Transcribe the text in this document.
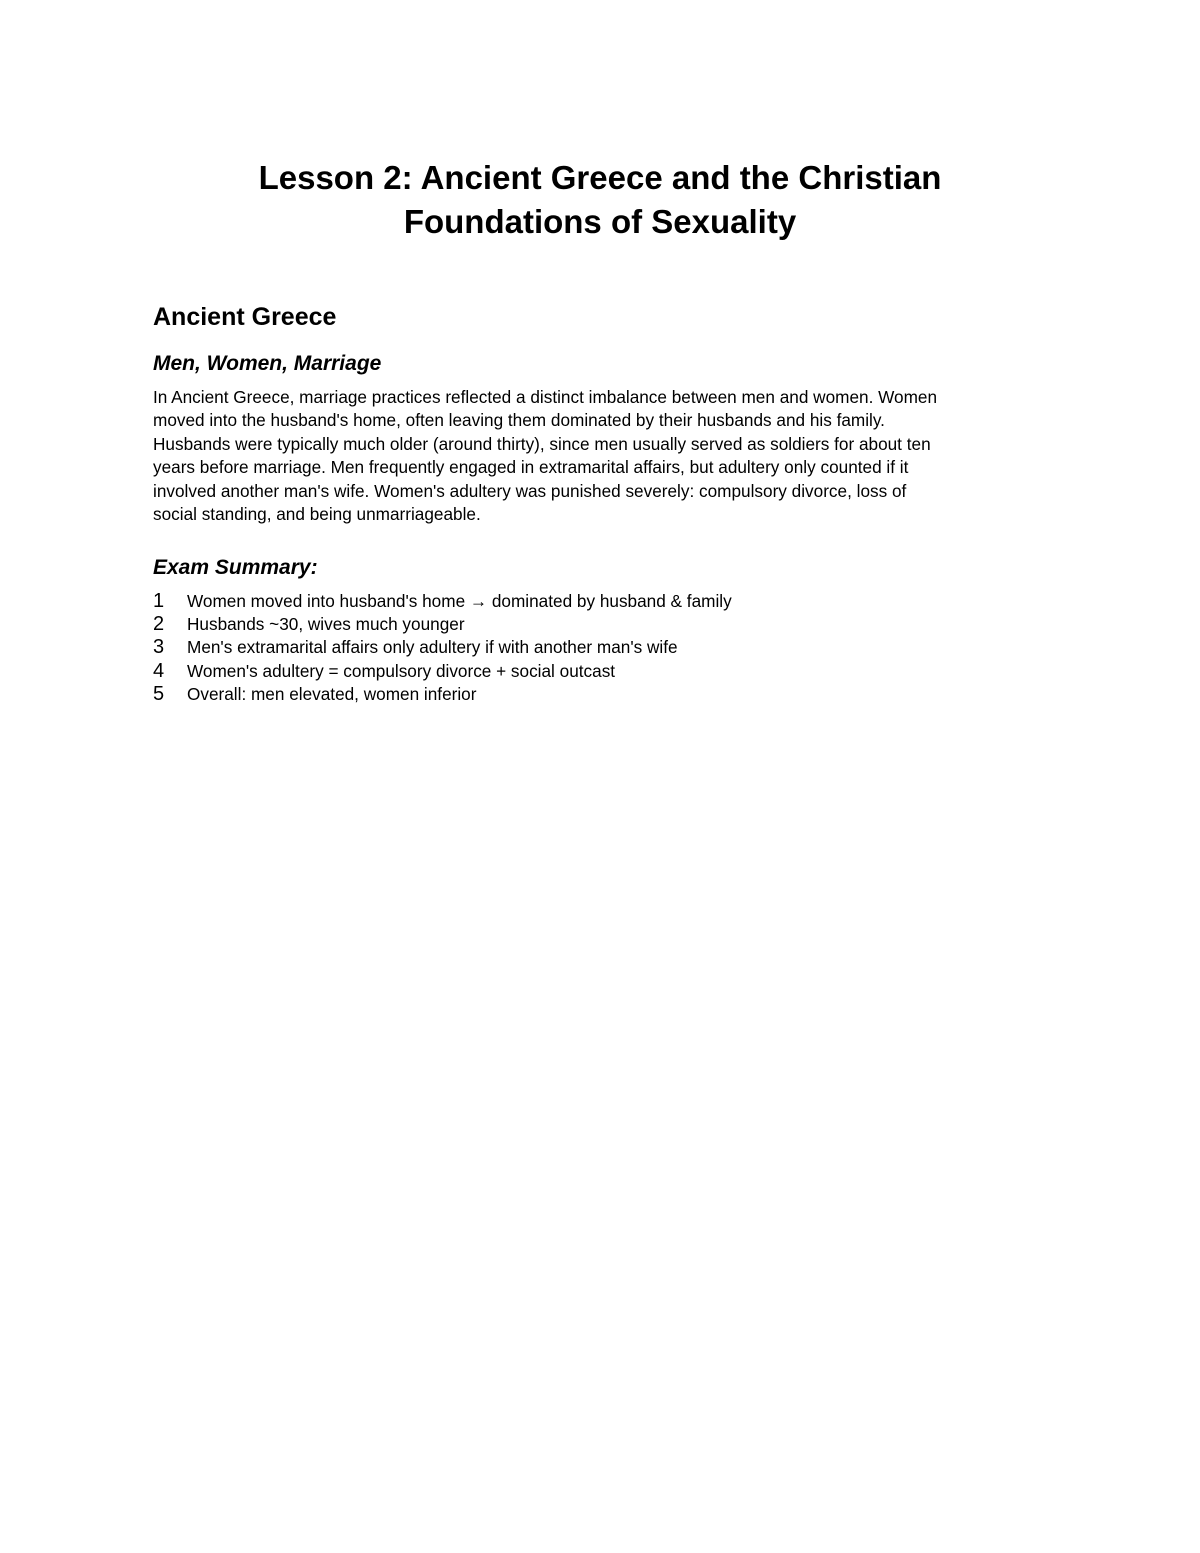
Lesson 2: Ancient Greece and the Christian
Foundations of Sexuality
Ancient Greece
Men, Women, Marriage

In Ancient Greece, marriage practices reflected a distinct imbalance between men and women. Women
moved into the husband's home, often leaving them dominated by their husbands and his family.
Husbands were typically much older (around thirty), since men usually served as soldiers for about ten
years before marriage. Men frequently engaged in extramarital affairs, but adultery only counted if it
involved another man's wife. Women's adultery was punished severely: compulsory divorce, loss of
social standing, and being unmarriageable.

Exam Summary:
1	Women moved into husband's home → dominated by husband & family
2	Husbands ~30, wives much younger
3	Men's extramarital affairs only adultery if with another man's wife
4	Women's adultery = compulsory divorce + social outcast
5	Overall: men elevated, women inferior
